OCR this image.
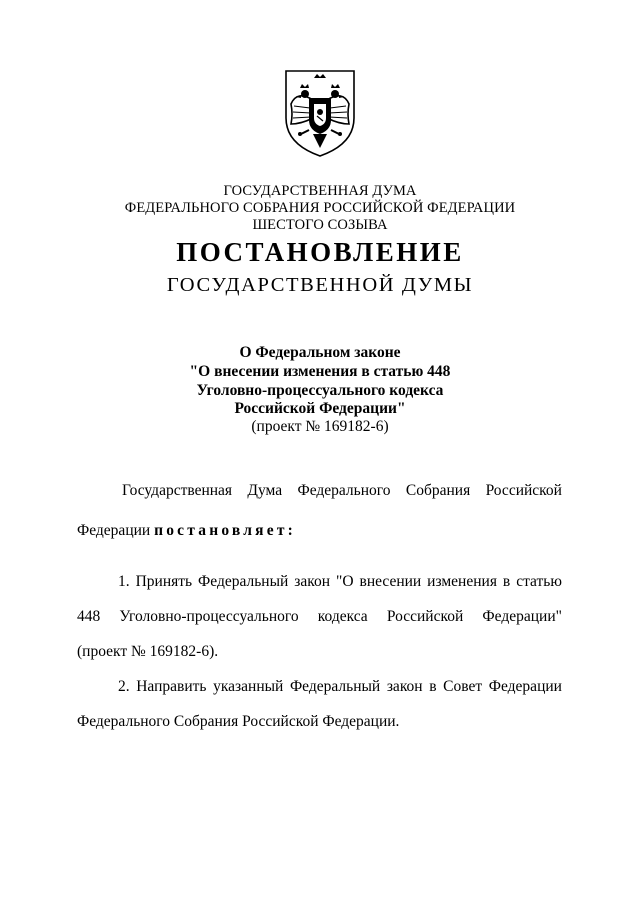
ГОСУДАРСТВЕННАЯ ДУМА
ФЕДЕРАЛЬНОГО СОБРАНИЯ РОССИЙСКОЙ ФЕДЕРАЦИИ
ШЕСТОГО СОЗЫВА
ПОСТАНОВЛЕНИЕ
ГОСУДАРСТВЕННОЙ ДУМЫ
О Федеральном законе
"О внесении изменения в статью 448
Уголовно-процессуального кодекса
Российской Федерации"
(проект № 169182-6)
Государственная Дума Федерального Собрания Российской
Федерации постановляет:
1. Принять Федеральный закон "О внесении изменения в статью
448 Уголовно-процессуального кодекса Российской Федерации"
(проект № 169182-6).
2. Направить указанный Федеральный закон в Совет Федерации
Федерального Собрания Российской Федерации.
